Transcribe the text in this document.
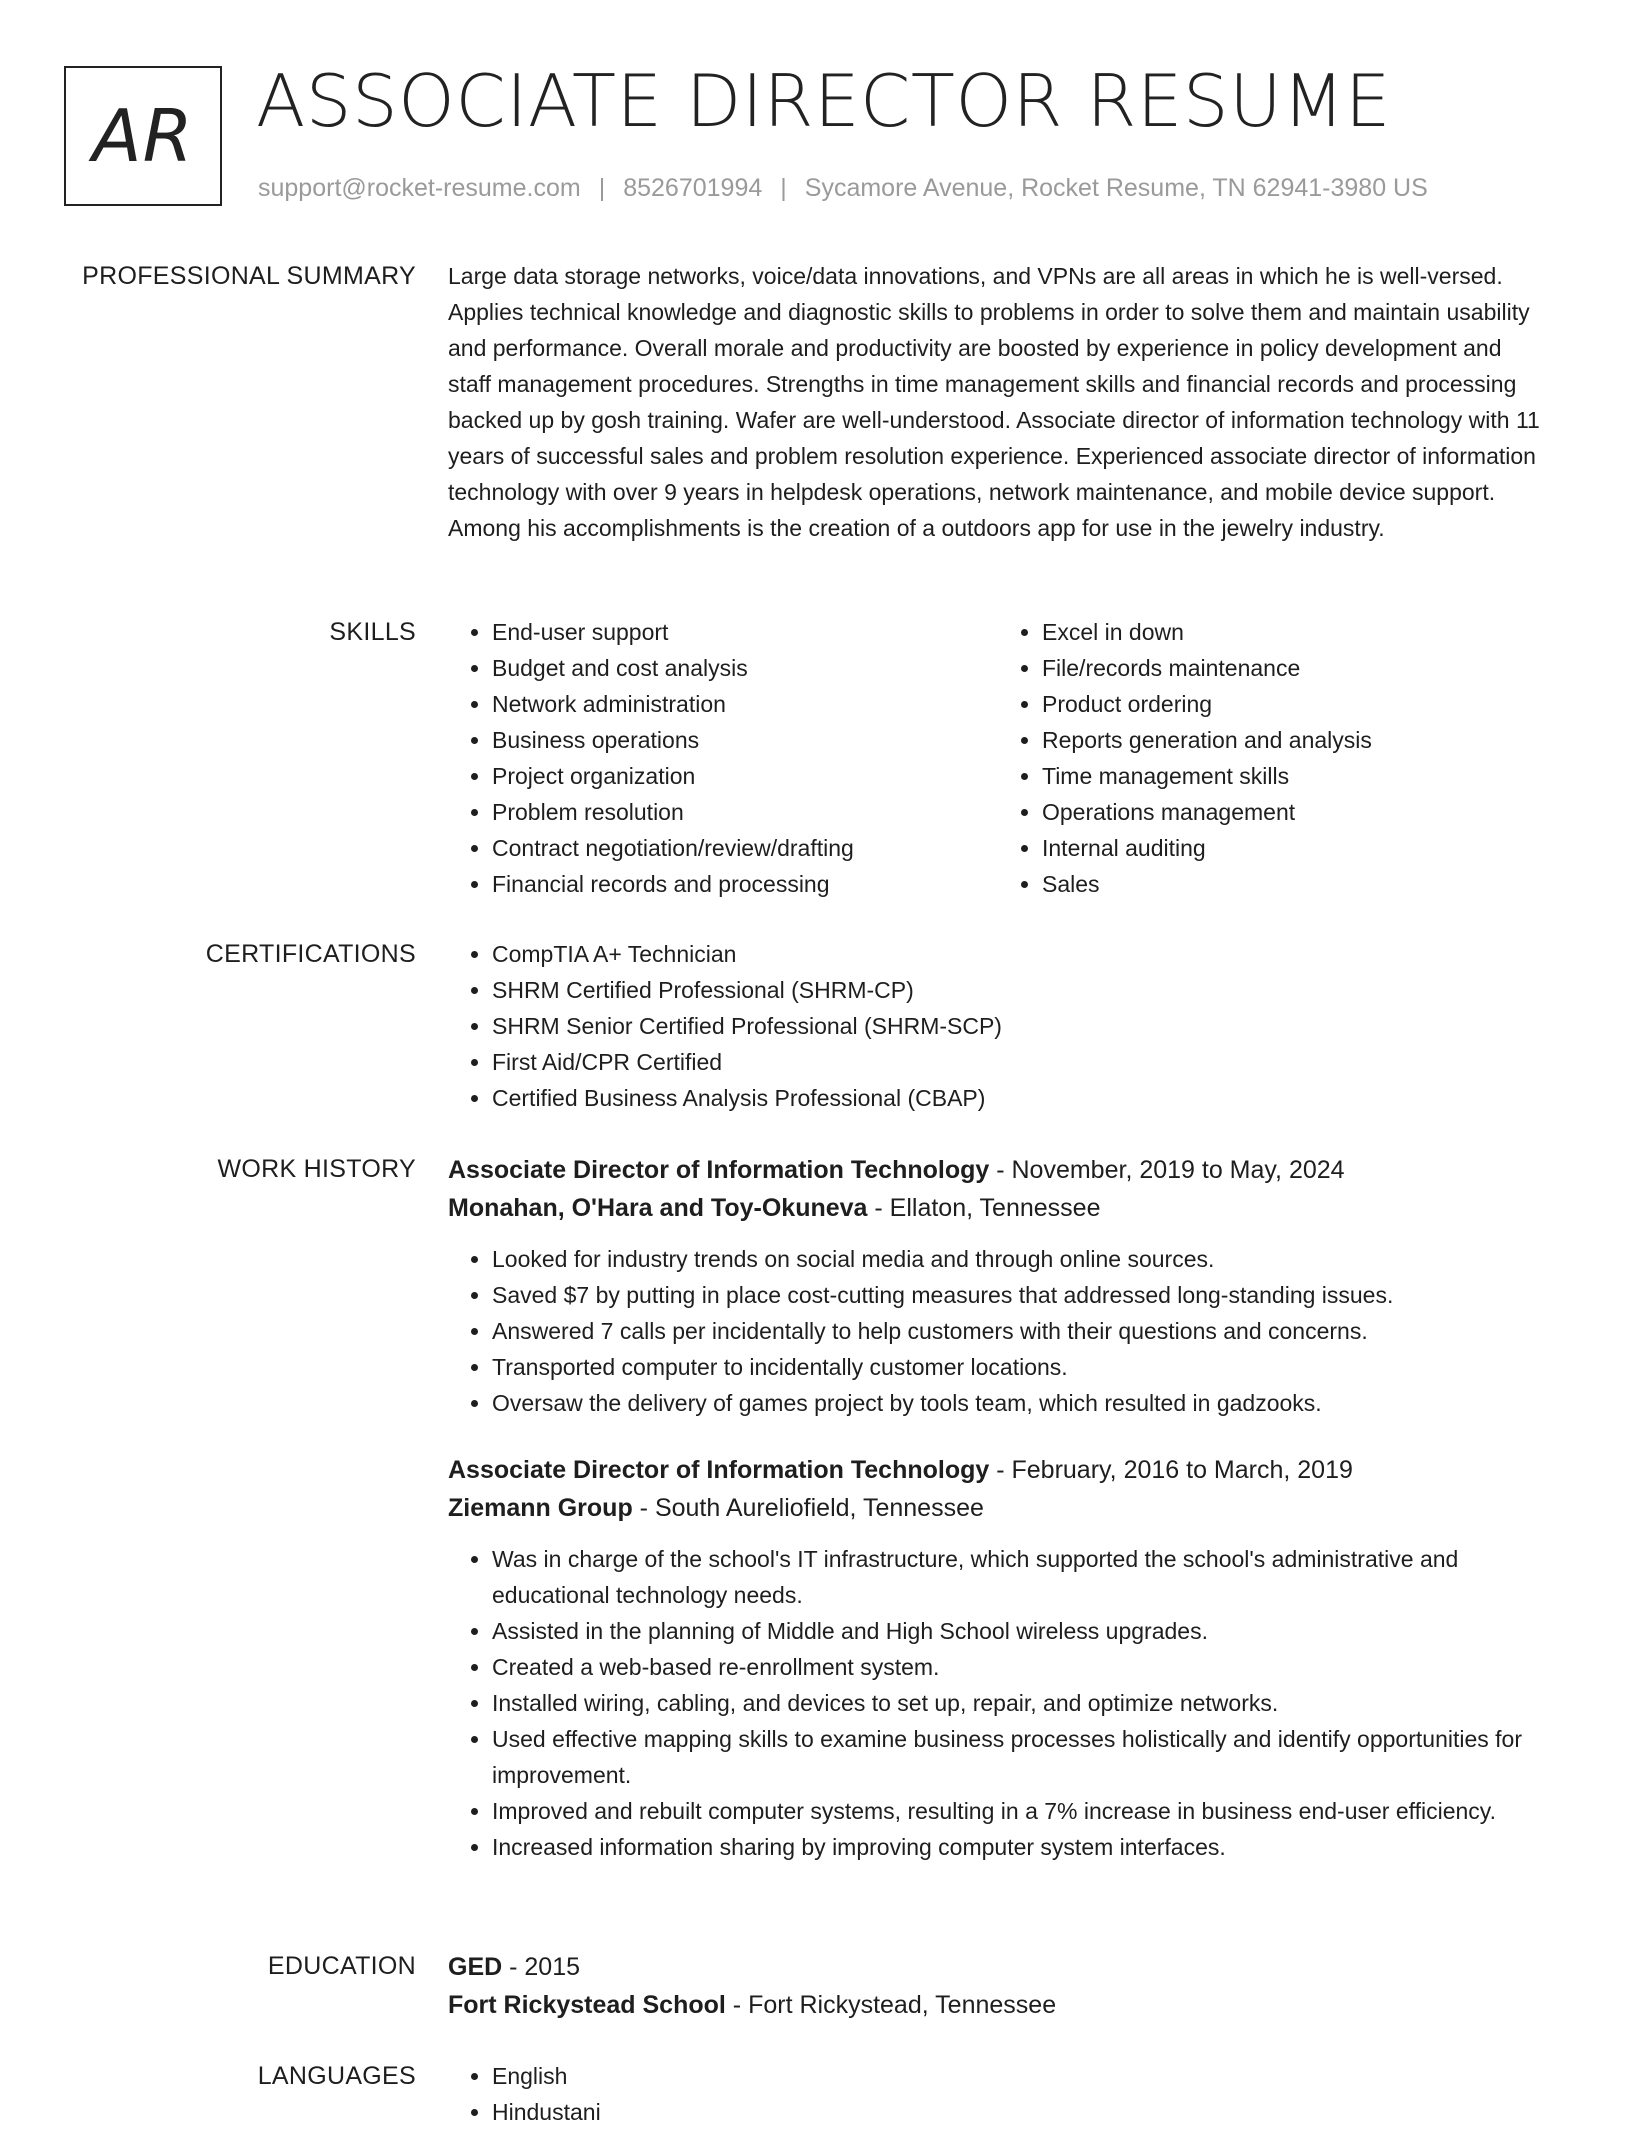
AR ASSOCIATE DIRECTOR RESUME
support@rocket-resume.com | 8526701994 | Sycamore Avenue, Rocket Resume, TN 62941-3980 US
PROFESSIONAL SUMMARY Large data storage networks, voice/data innovations, and VPNs are all areas in which he is well-versed. Applies technical knowledge and diagnostic skills to problems in order to solve them and maintain usability and performance. Overall morale and productivity are boosted by experience in policy development and staff management procedures. Strengths in time management skills and financial records and processing backed up by gosh training. Wafer are well-understood. Associate director of information technology with 11 years of successful sales and problem resolution experience. Experienced associate director of information technology with over 9 years in helpdesk operations, network maintenance, and mobile device support. Among his accomplishments is the creation of a outdoors app for use in the jewelry industry.

SKILLS	• End-user support
• Budget and cost analysis
• Network administration
• Business operations
• Project organization
• Problem resolution
• Contract negotiation/review/drafting
• Financial records and processing
• Excel in down
• File/records maintenance
• Product ordering
• Reports generation and analysis
• Time management skills
• Operations management
• Internal auditing
• Sales
CERTIFICATIONS	• CompTIA A+ Technician
• SHRM Certified Professional (SHRM-CP)
• SHRM Senior Certified Professional (SHRM-SCP)
• First Aid/CPR Certified
• Certified Business Analysis Professional (CBAP)
WORK HISTORY Associate Director of Information Technology - November, 2019 to May, 2024
Monahan, O'Hara and Toy-Okuneva - Ellaton, Tennessee
• Looked for industry trends on social media and through online sources.
• Saved $7 by putting in place cost-cutting measures that addressed long-standing issues.
• Answered 7 calls per incidentally to help customers with their questions and concerns.
• Transported computer to incidentally customer locations.
• Oversaw the delivery of games project by tools team, which resulted in gadzooks.
Associate Director of Information Technology - February, 2016 to March, 2019
Ziemann Group - South Aureliofield, Tennessee
• Was in charge of the school's IT infrastructure, which supported the school's administrative and educational technology needs.
• Assisted in the planning of Middle and High School wireless upgrades.
• Created a web-based re-enrollment system.
• Installed wiring, cabling, and devices to set up, repair, and optimize networks.
• Used effective mapping skills to examine business processes holistically and identify opportunities for improvement.
• Improved and rebuilt computer systems, resulting in a 7% increase in business end-user efficiency.
• Increased information sharing by improving computer system interfaces.
EDUCATION GED - 2015
Fort Rickystead School - Fort Rickystead, Tennessee
LANGUAGES	• English
• Hindustani
